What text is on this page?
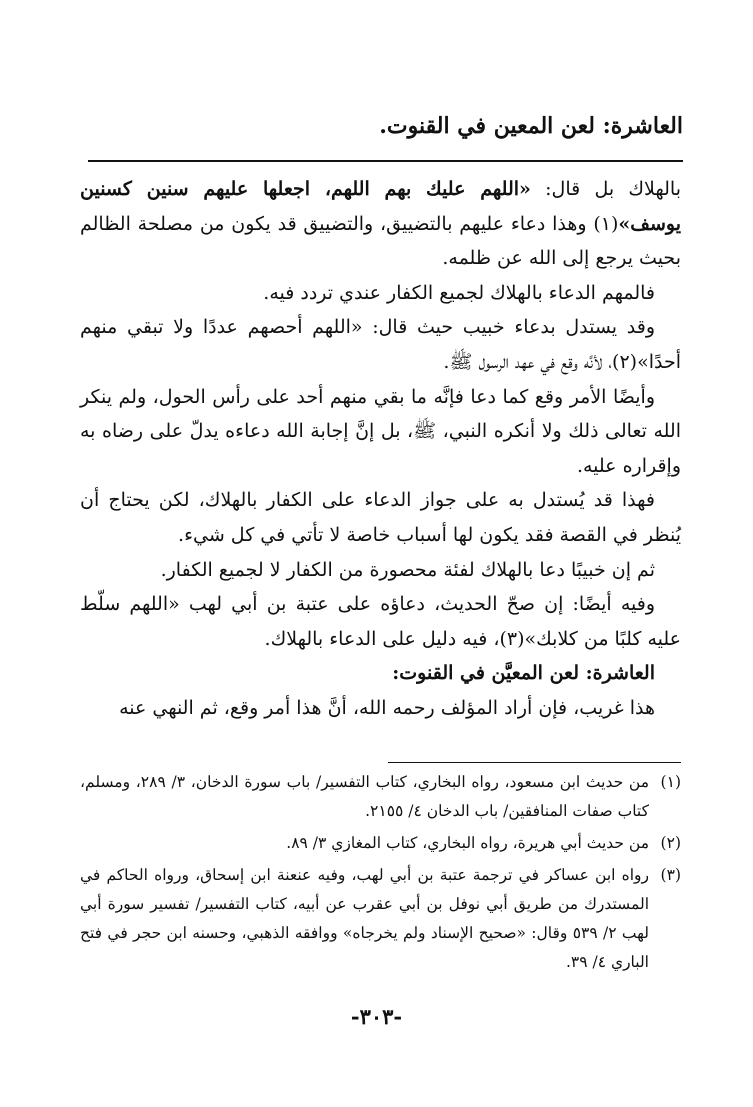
العاشرة: لعن المعين في القنوت.

بالهلاك بل قال: «اللهم عليك بهم اللهم، اجعلها عليهم سنين كسنين يوسف»(١) وهذا دعاء عليهم بالتضييق، والتضييق قد يكون من مصلحة الظالم بحيث يرجع إلى الله عن ظلمه.

فالمهم الدعاء بالهلاك لجميع الكفار عندي تردد فيه.

وقد يستدل بدعاء خبيب حيث قال: «اللهم أحصهم عددًا ولا تبقي منهم أحدًا»(٢)، لأنَّه وقع في عهد الرسول ﷺ.

وأيضًا الأمر وقع كما دعا فإنَّه ما بقي منهم أحد على رأس الحول، ولم ينكر الله تعالى ذلك ولا أنكره النبي، ﷺ، بل إنَّ إجابة الله دعاءه يدلّ على رضاه به وإقراره عليه.

فهذا قد يُستدل به على جواز الدعاء على الكفار بالهلاك، لكن يحتاج أن يُنظر في القصة فقد يكون لها أسباب خاصة لا تأتي في كل شيء.

ثم إن خبيبًا دعا بالهلاك لفئة محصورة من الكفار لا لجميع الكفار.

وفيه أيضًا: إن صحّ الحديث، دعاؤه على عتبة بن أبي لهب «اللهم سلّط عليه كلبًا من كلابك»(٣)، فيه دليل على الدعاء بالهلاك.

العاشرة: لعن المعيَّن في القنوت:

هذا غريب، فإن أراد المؤلف رحمه الله، أنَّ هذا أمر وقع، ثم النهي عنه

(١)
من حديث ابن مسعود، رواه البخاري، كتاب التفسير/ باب سورة الدخان، ٣/ ٢٨٩، ومسلم، كتاب صفات المنافقين/ باب الدخان ٤/ ٢١٥٥.
(٢)
من حديث أبي هريرة، رواه البخاري، كتاب المغازي ٣/ ٨٩.
(٣)
رواه ابن عساكر في ترجمة عتبة بن أبي لهب، وفيه عنعنة ابن إسحاق، ورواه الحاكم في المستدرك من طريق أبي نوفل بن أبي عقرب عن أبيه، كتاب التفسير/ تفسير سورة أبي لهب ٢/ ٥٣٩ وقال: «صحيح الإسناد ولم يخرجاه» ووافقه الذهبي، وحسنه ابن حجر في فتح الباري ٤/ ٣٩.
-٣٠٣-
